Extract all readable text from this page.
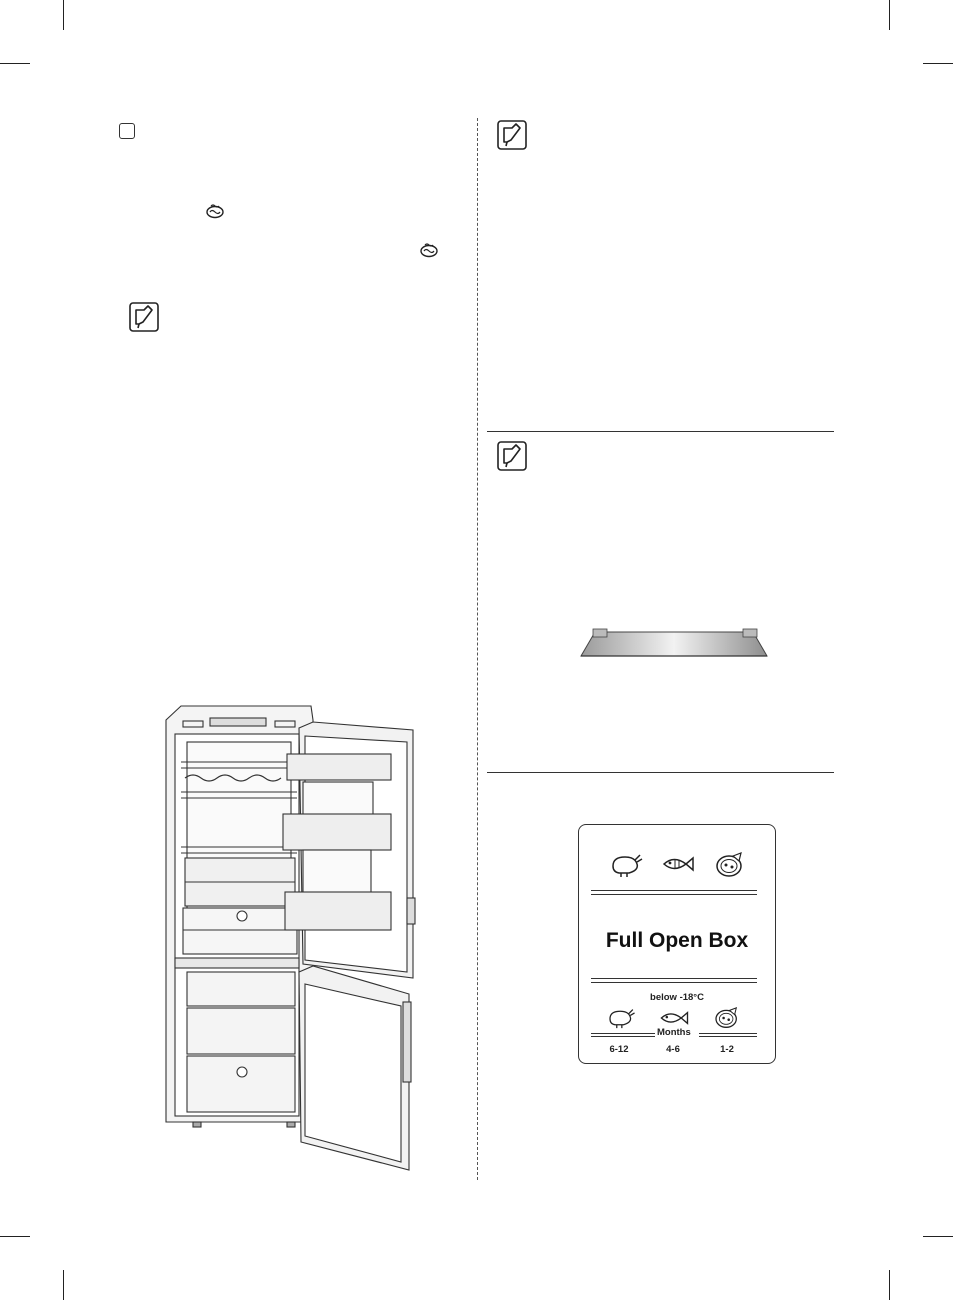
Full Open Box
below -18°C
Months
6-12	4-6	1-2
